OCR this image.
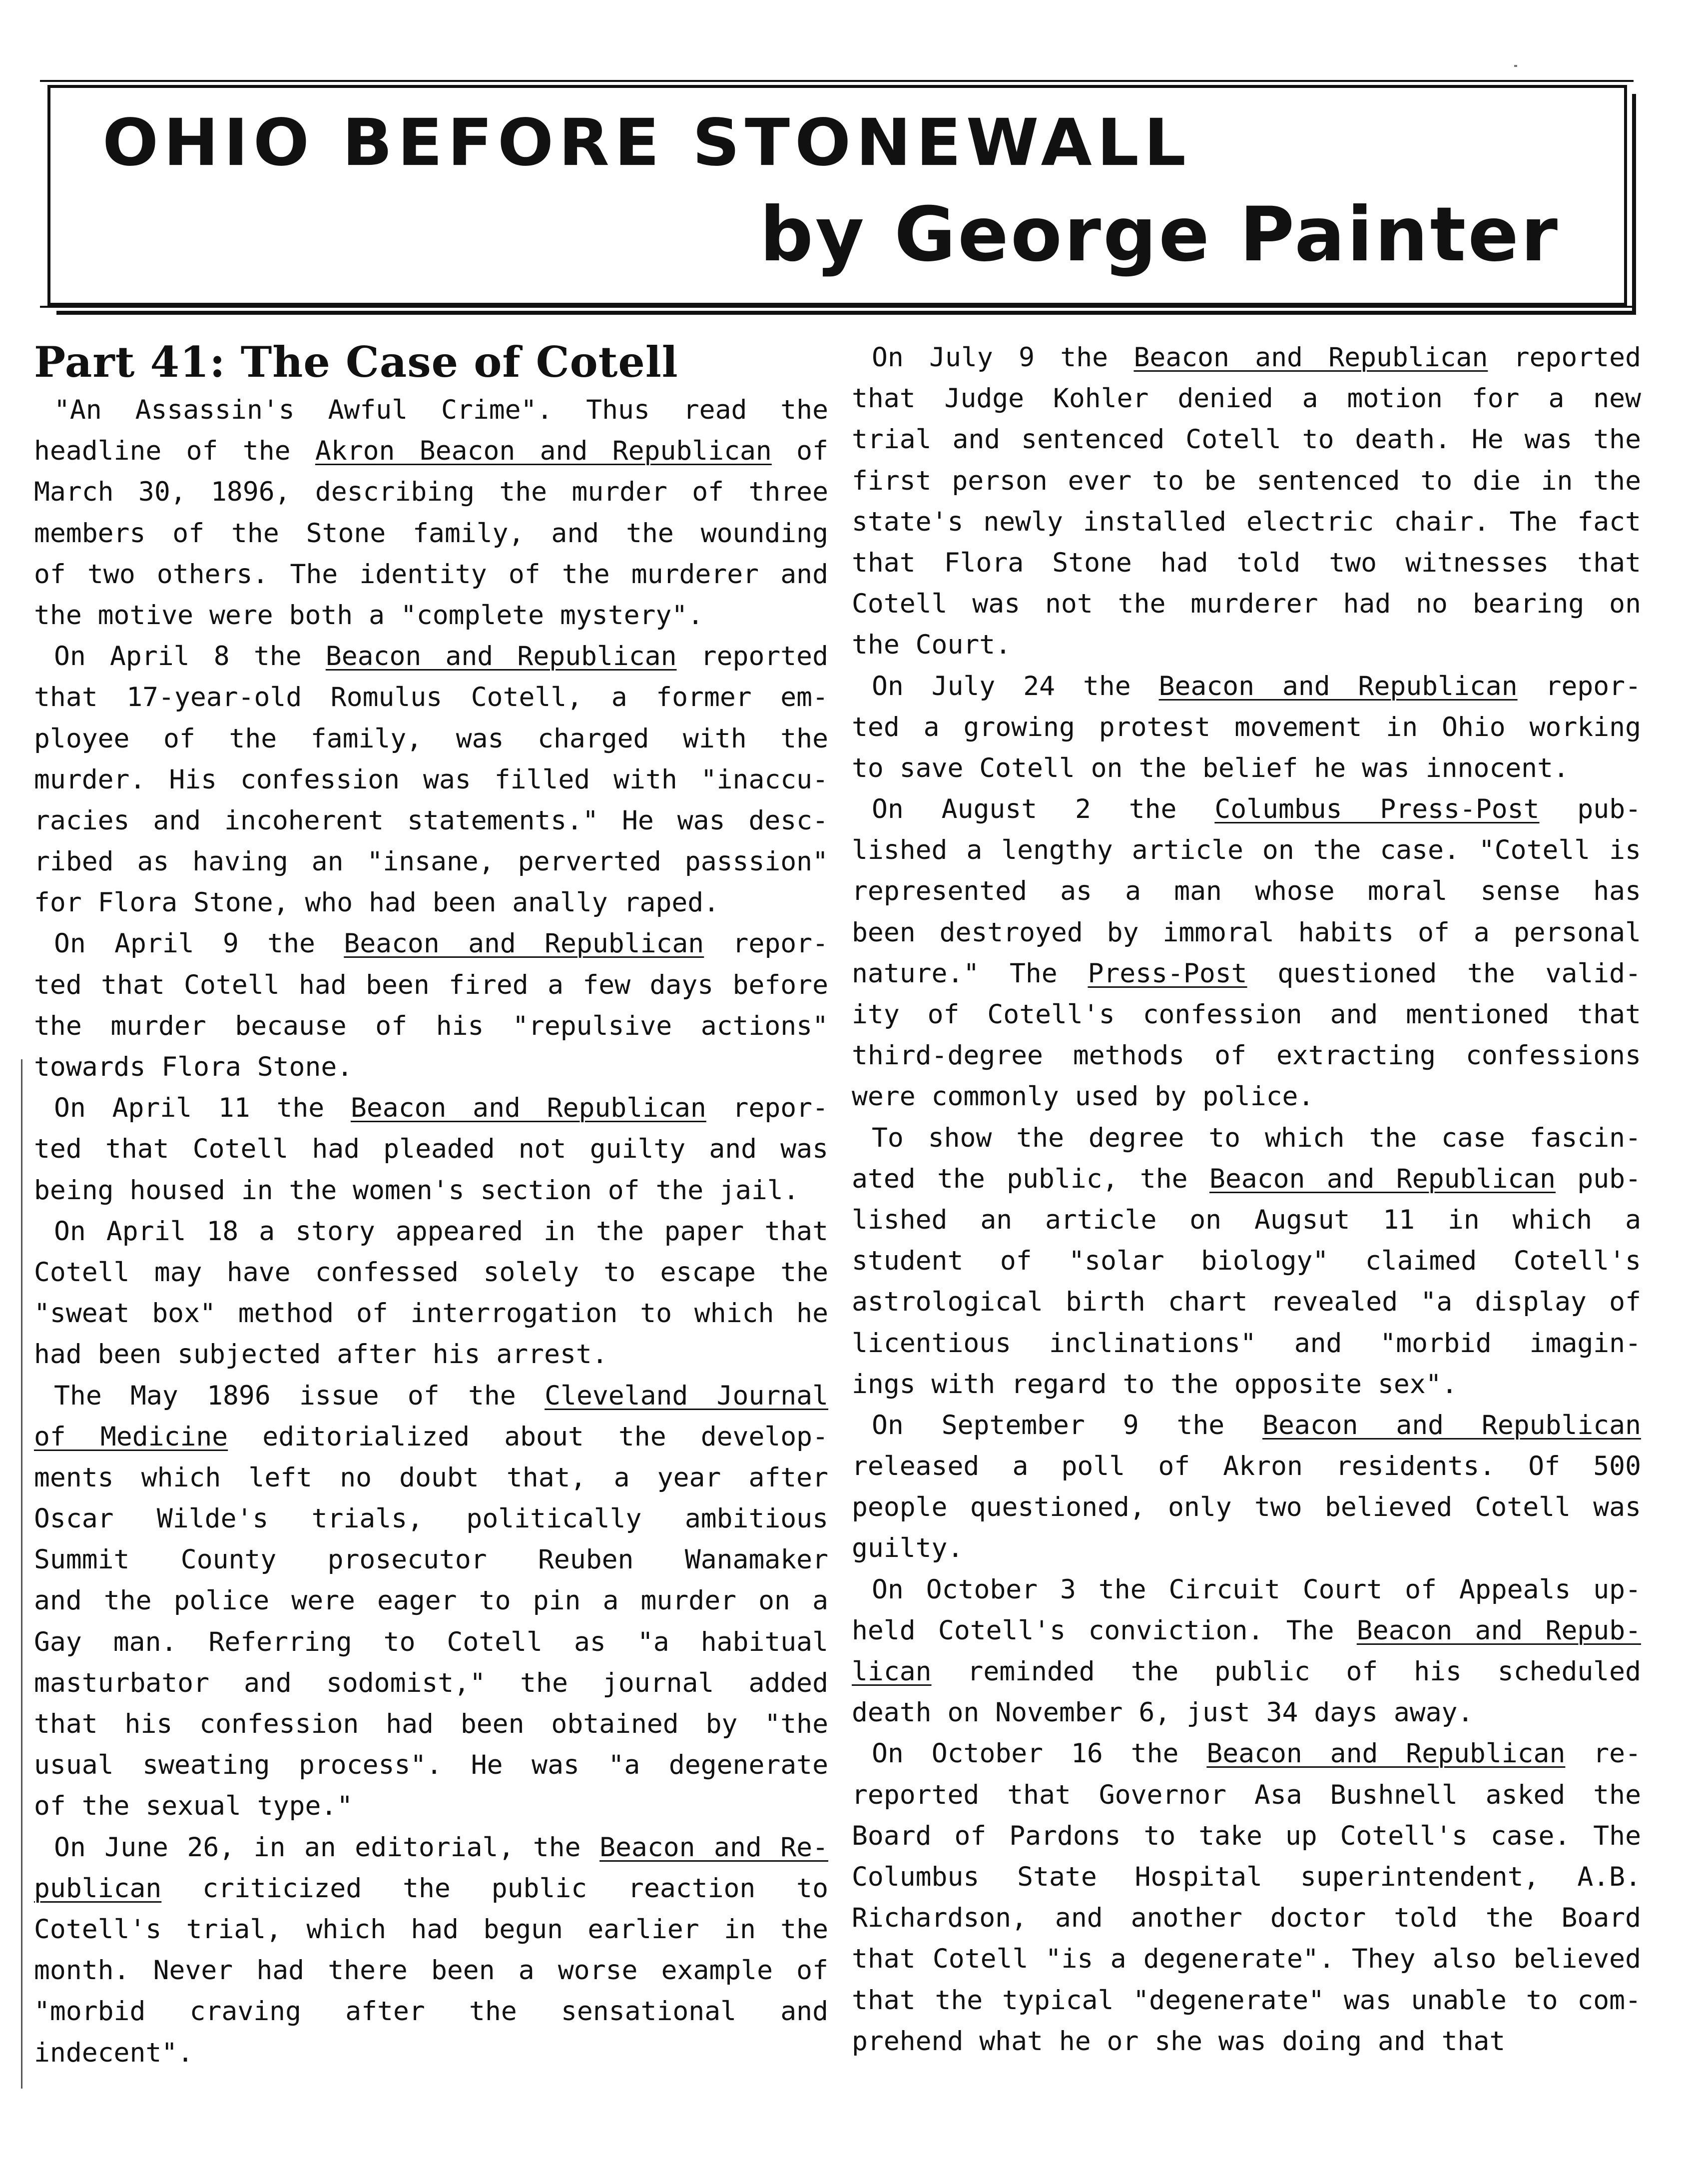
OHIO BEFORE STONEWALL
by George Painter
Part 41: The Case of Cotell
"An Assassin's Awful Crime". Thus read the
headline of the Akron Beacon and Republican of
March 30, 1896, describing the murder of three
members of the Stone family, and the wounding
of two others. The identity of the murderer and
the motive were both a "complete mystery".
On April 8 the Beacon and Republican reported
that 17-year-old Romulus Cotell, a former em-
ployee of the family, was charged with the
murder. His confession was filled with "inaccu-
racies and incoherent statements." He was desc-
ribed as having an "insane, perverted passsion"
for Flora Stone, who had been anally raped.
On April 9 the Beacon and Republican repor-
ted that Cotell had been fired a few days before
the murder because of his "repulsive actions"
towards Flora Stone.
On April 11 the Beacon and Republican repor-
ted that Cotell had pleaded not guilty and was
being housed in the women's section of the jail.
On April 18 a story appeared in the paper that
Cotell may have confessed solely to escape the
"sweat box" method of interrogation to which he
had been subjected after his arrest.
The May 1896 issue of the Cleveland Journal
of Medicine editorialized about the develop-
ments which left no doubt that, a year after
Oscar Wilde's trials, politically ambitious
Summit County prosecutor Reuben Wanamaker
and the police were eager to pin a murder on a
Gay man. Referring to Cotell as "a habitual
masturbator and sodomist," the journal added
that his confession had been obtained by "the
usual sweating process". He was "a degenerate
of the sexual type."
On June 26, in an editorial, the Beacon and Re-
publican criticized the public reaction to
Cotell's trial, which had begun earlier in the
month. Never had there been a worse example of
"morbid craving after the sensational and
indecent".
On July 9 the Beacon and Republican reported
that Judge Kohler denied a motion for a new
trial and sentenced Cotell to death. He was the
first person ever to be sentenced to die in the
state's newly installed electric chair. The fact
that Flora Stone had told two witnesses that
Cotell was not the murderer had no bearing on
the Court.
On July 24 the Beacon and Republican repor-
ted a growing protest movement in Ohio working
to save Cotell on the belief he was innocent.
On August 2 the Columbus Press-Post pub-
lished a lengthy article on the case. "Cotell is
represented as a man whose moral sense has
been destroyed by immoral habits of a personal
nature." The Press-Post questioned the valid-
ity of Cotell's confession and mentioned that
third-degree methods of extracting confessions
were commonly used by police.
To show the degree to which the case fascin-
ated the public, the Beacon and Republican pub-
lished an article on Augsut 11 in which a
student of "solar biology" claimed Cotell's
astrological birth chart revealed "a display of
licentious inclinations" and "morbid imagin-
ings with regard to the opposite sex".
On September 9 the Beacon and Republican
released a poll of Akron residents. Of 500
people questioned, only two believed Cotell was
guilty.
On October 3 the Circuit Court of Appeals up-
held Cotell's conviction. The Beacon and Repub-
lican reminded the public of his scheduled
death on November 6, just 34 days away.
On October 16 the Beacon and Republican re-
reported that Governor Asa Bushnell asked the
Board of Pardons to take up Cotell's case. The
Columbus State Hospital superintendent, A.B.
Richardson, and another doctor told the Board
that Cotell "is a degenerate". They also believed
that the typical "degenerate" was unable to com-
prehend what he or she was doing and that
